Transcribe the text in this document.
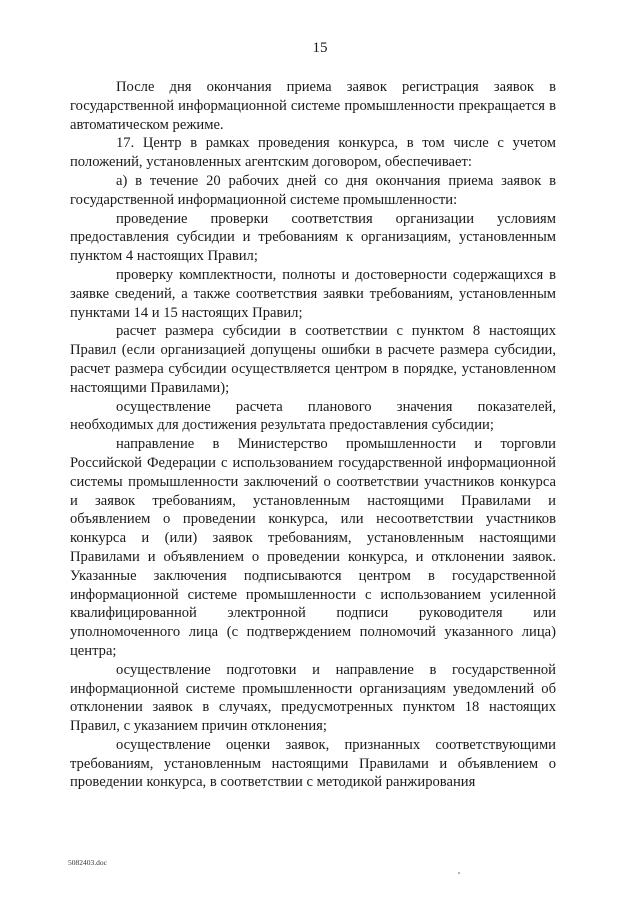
15

После дня окончания приема заявок регистрация заявок в государственной информационной системе промышленности прекращается в автоматическом режиме.

17. Центр в рамках проведения конкурса, в том числе с учетом положений, установленных агентским договором, обеспечивает:

а) в течение 20 рабочих дней со дня окончания приема заявок в государственной информационной системе промышленности:

проведение проверки соответствия организации условиям предоставления субсидии и требованиям к организациям, установленным пунктом 4 настоящих Правил;

проверку комплектности, полноты и достоверности содержащихся в заявке сведений, а также соответствия заявки требованиям, установленным пунктами 14 и 15 настоящих Правил;

расчет размера субсидии в соответствии с пунктом 8 настоящих Правил (если организацией допущены ошибки в расчете размера субсидии, расчет размера субсидии осуществляется центром в порядке, установленном настоящими Правилами);

осуществление расчета планового значения показателей, необходимых для достижения результата предоставления субсидии;

направление в Министерство промышленности и торговли Российской Федерации с использованием государственной информационной системы промышленности заключений о соответствии участников конкурса и заявок требованиям, установленным настоящими Правилами и объявлением о проведении конкурса, или несоответствии участников конкурса и (или) заявок требованиям, установленным настоящими Правилами и объявлением о проведении конкурса, и отклонении заявок. Указанные заключения подписываются центром в государственной информационной системе промышленности с использованием усиленной квалифицированной электронной подписи руководителя или уполномоченного лица (с подтверждением полномочий указанного лица) центра;

осуществление подготовки и направление в государственной информационной системе промышленности организациям уведомлений об отклонении заявок в случаях, предусмотренных пунктом 18 настоящих Правил, с указанием причин отклонения;

осуществление оценки заявок, признанных соответствующими требованиям, установленным настоящими Правилами и объявлением о проведении конкурса, в соответствии с методикой ранжирования

5082403.doc
